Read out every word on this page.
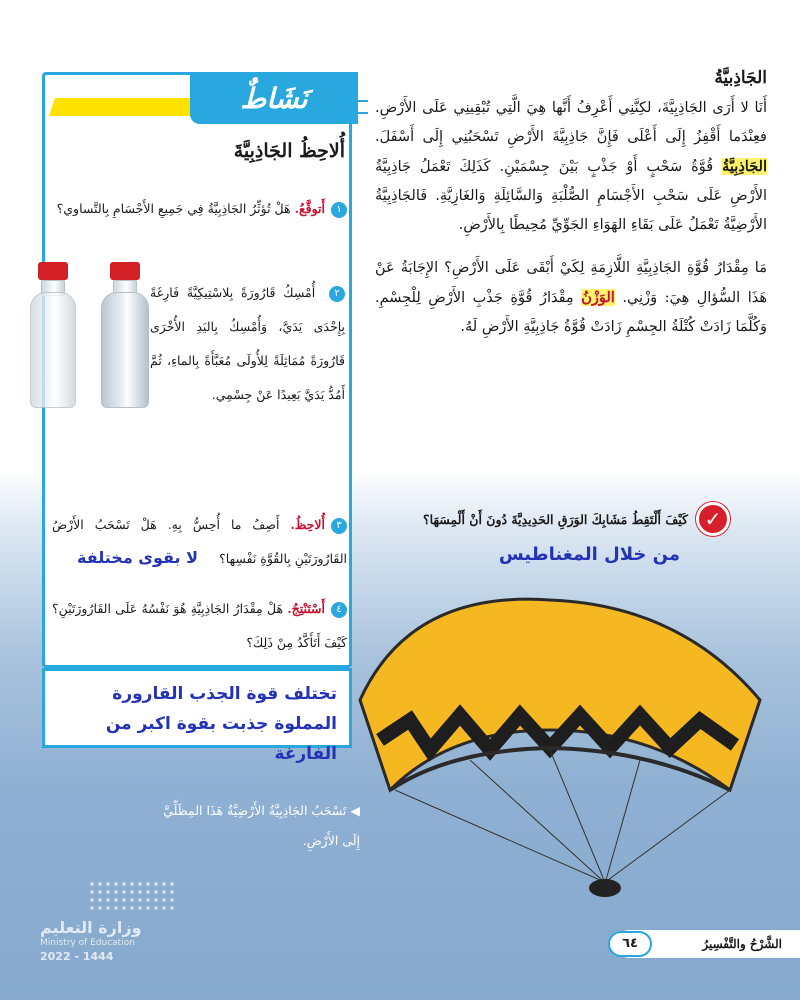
الجَاذِبيَّةُ

أَنَا لا أَرَى الجَاذِبِيَّةَ، لكِنَّنِي أَعْرِفُ أَنَّها هِيَ الَّتِي تُبْقِينِي عَلَى الأَرْضِ. فعِنْدَما أَقْفِزُ إِلَى أَعْلَى فَإِنَّ جَاذِبِيَّةَ الأَرْضِ تَسْحَبُنِي إِلَى أَسْفَلَ. الجَاذِبِيَّةُ قُوَّةُ سَحْبٍ أَوْ جَذْبٍ بَيْنَ جِسْمَيْنِ. كَذَلِكَ تَعْمَلُ جَاذِبِيَّةُ الأَرْضِ عَلَى سَحْبِ الأَجْسَامِ الصُّلْبَةِ وَالسَّائِلَةِ وَالغَازِيَّةِ. فَالجَاذِبِيَّةُ الأَرْضِيَّةُ تَعْمَلُ عَلَى بَقَاءِ الهَوَاءِ الجَوِّيِّ مُحِيطًا بِالأَرْضِ.

مَا مِقْدَارُ قُوَّةِ الجَاذِبِيَّةِ اللَّازِمَةِ لِكَيْ أَبْقَى عَلَى الأَرْضِ؟ الإِجَابَةُ عَنْ هَذَا السُّؤالِ هِيَ: وَزْنِي. الوَزْنُ مِقْدَارُ قُوَّةِ جَذْبِ الأَرْضِ لِلْجِسْمِ. وَكُلَّمَا زَادَتْ كُتْلَةُ الجِسْمِ زَادَتْ قُوَّةُ جَاذِبِيَّةِ الأَرْضِ لَهُ.

✓
كَيْفَ أَلْتَقِطُ مَشَابِكَ الوَرَقِ الحَدِيدِيَّةَ دُونَ أَنْ أَلْمِسَهَا؟
من خلال المغناطيس
نَشَاطٌ
أُلاحِظُ الجَاذِبِيَّةَ
١أَتوقَّعُ. هَلْ تُؤثِّرُ الجَاذِبِيَّةُ فِي جَمِيعِ الأَجْسَامِ بِالتَّساوي؟
٢ أُمْسِكُ قَارُورَةً بِلاسْتِيكِيَّةً فَارِغَةً بِإِحْدَى يَدَيَّ، وَأُمْسِكُ بِاليَدِ الأُخْرَى قَارُورَةً مُمَاثِلَةً لِلأُولَى مُعَبَّأَةً بِالماءِ، ثُمَّ أَمُدُّ يَدَيَّ بَعِيدًا عَنْ جِسْمِي.
٣أُلاحِظُ. أَصِفُ ما أُحِسُّ بِهِ. هَلْ تَسْحَبُ الأَرْضُ القَارُورَتَيْنِ بِالقُوَّةِ نَفْسِها؟
لا بقوى مختلفة
٤أَسْتَنْتِجُ. هَلْ مِقْدَارُ الجَاذِبِيَّةِ هُوَ نَفْسُهُ عَلَى القَارُورَتَيْنِ؟ كَيْفَ أَتَأَكَّدُ مِنْ ذَلِكَ؟
تختلف قوة الجذب القارورة المملوة جذبت بقوة اكبر من الفارغة
◀ تَسْحَبُ الجَاذِبِيَّةُ الأَرْضِيَّةُ هَذَا المِظَلِّيَّ إِلَى الأَرْضِ.
وزارة التعليم
Ministry of Education
2022 - 1444
الشَّرْحُ والتَّفْسِيرُ
٦٤
